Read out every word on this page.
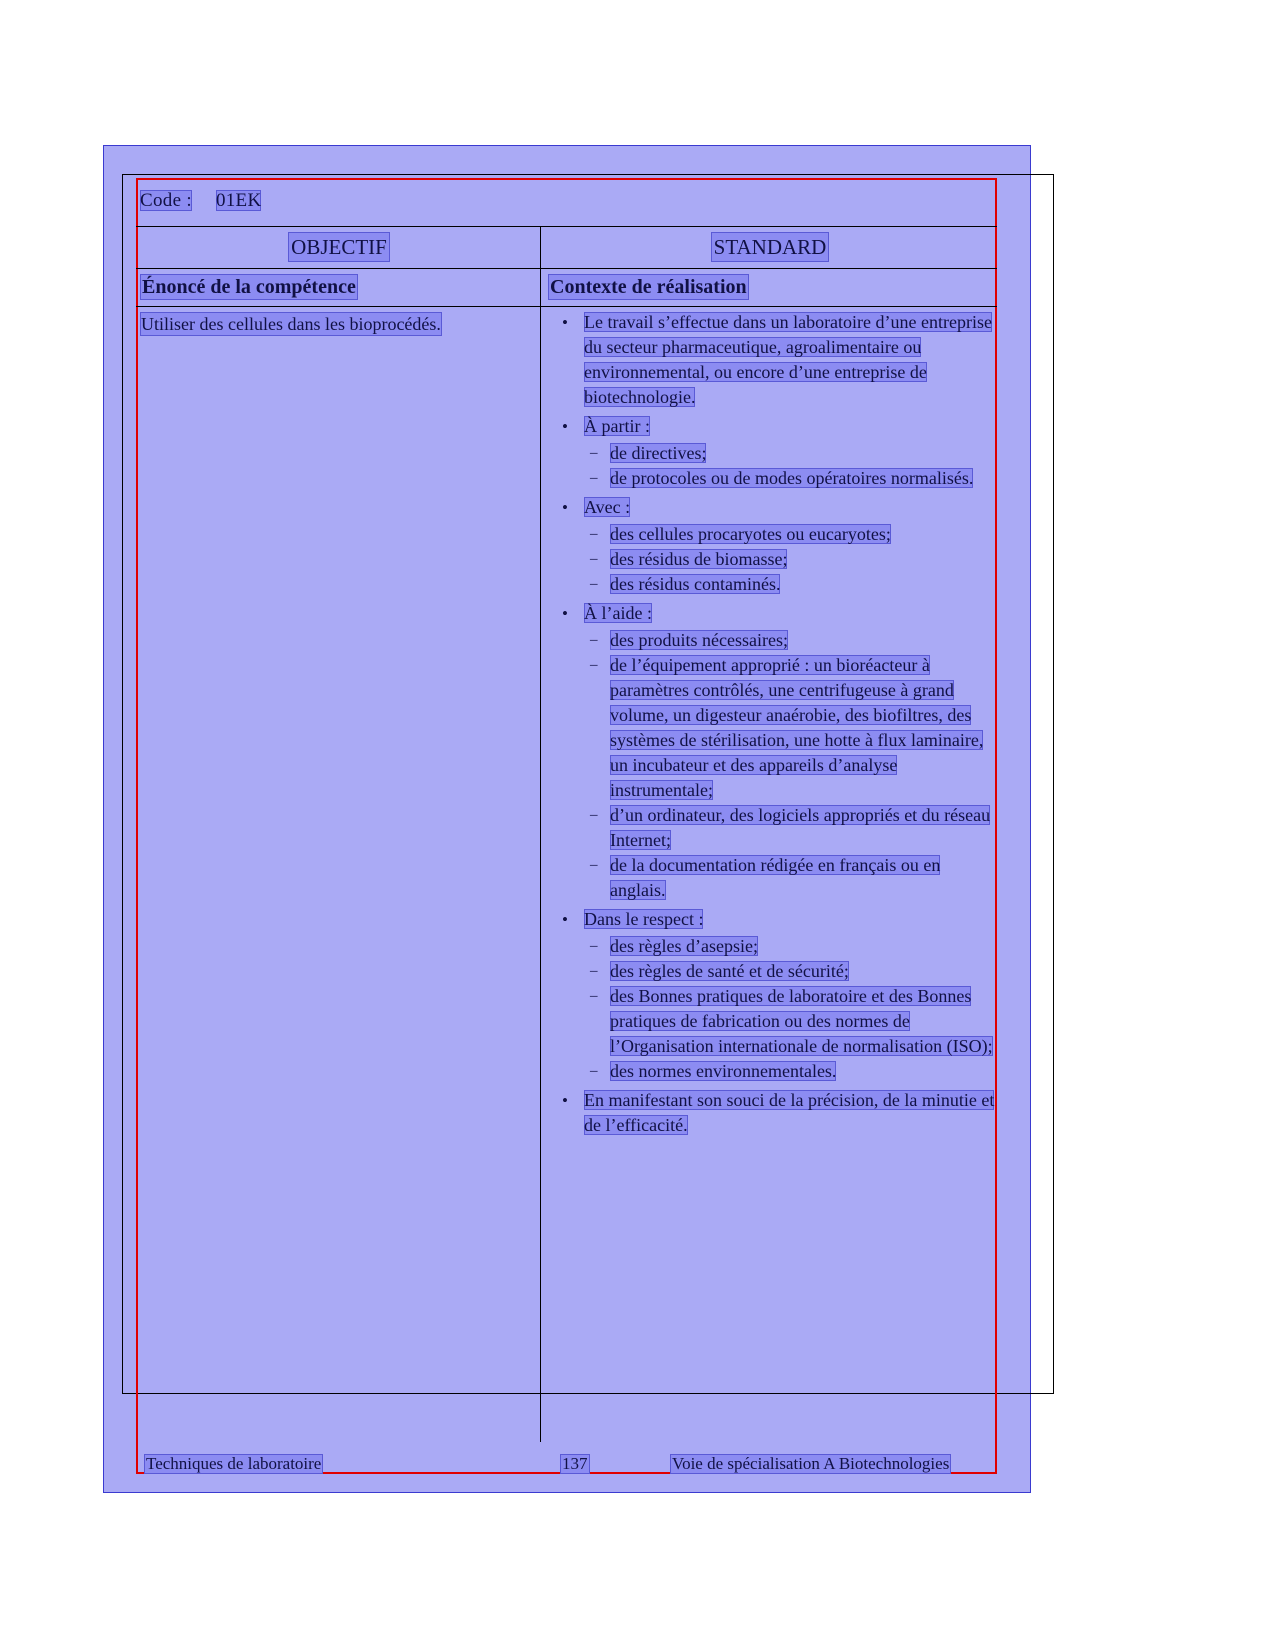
Code : 01EK
OBJECTIF	STANDARD
Énoncé de la compétence	Contexte de réalisation
Utiliser des cellules dans les bioprocédés.	• Le travail s’effectue dans un laboratoire d’une entreprise du secteur pharmaceutique, agroalimentaire ou environnemental, ou encore d’une entreprise de biotechnologie.
• À partir :
– de directives;
– de protocoles ou de modes opératoires normalisés.
• Avec :
– des cellules procaryotes ou eucaryotes;
– des résidus de biomasse;
– des résidus contaminés.
• À l’aide :
– des produits nécessaires;
– de l’équipement approprié : un bioréacteur à paramètres contrôlés, une centrifugeuse à grand volume, un digesteur anaérobie, des biofiltres, des systèmes de stérilisation, une hotte à flux laminaire, un incubateur et des appareils d’analyse instrumentale;
– d’un ordinateur, des logiciels appropriés et du réseau Internet;
– de la documentation rédigée en français ou en anglais.
• Dans le respect :
– des règles d’asepsie;
– des règles de santé et de sécurité;
– des Bonnes pratiques de laboratoire et des Bonnes pratiques de fabrication ou des normes de l’Organisation internationale de normalisation (ISO);
– des normes environnementales.
• En manifestant son souci de la précision, de la minutie et de l’efficacité.
Techniques de laboratoire	137	Voie de spécialisation A Biotechnologies
